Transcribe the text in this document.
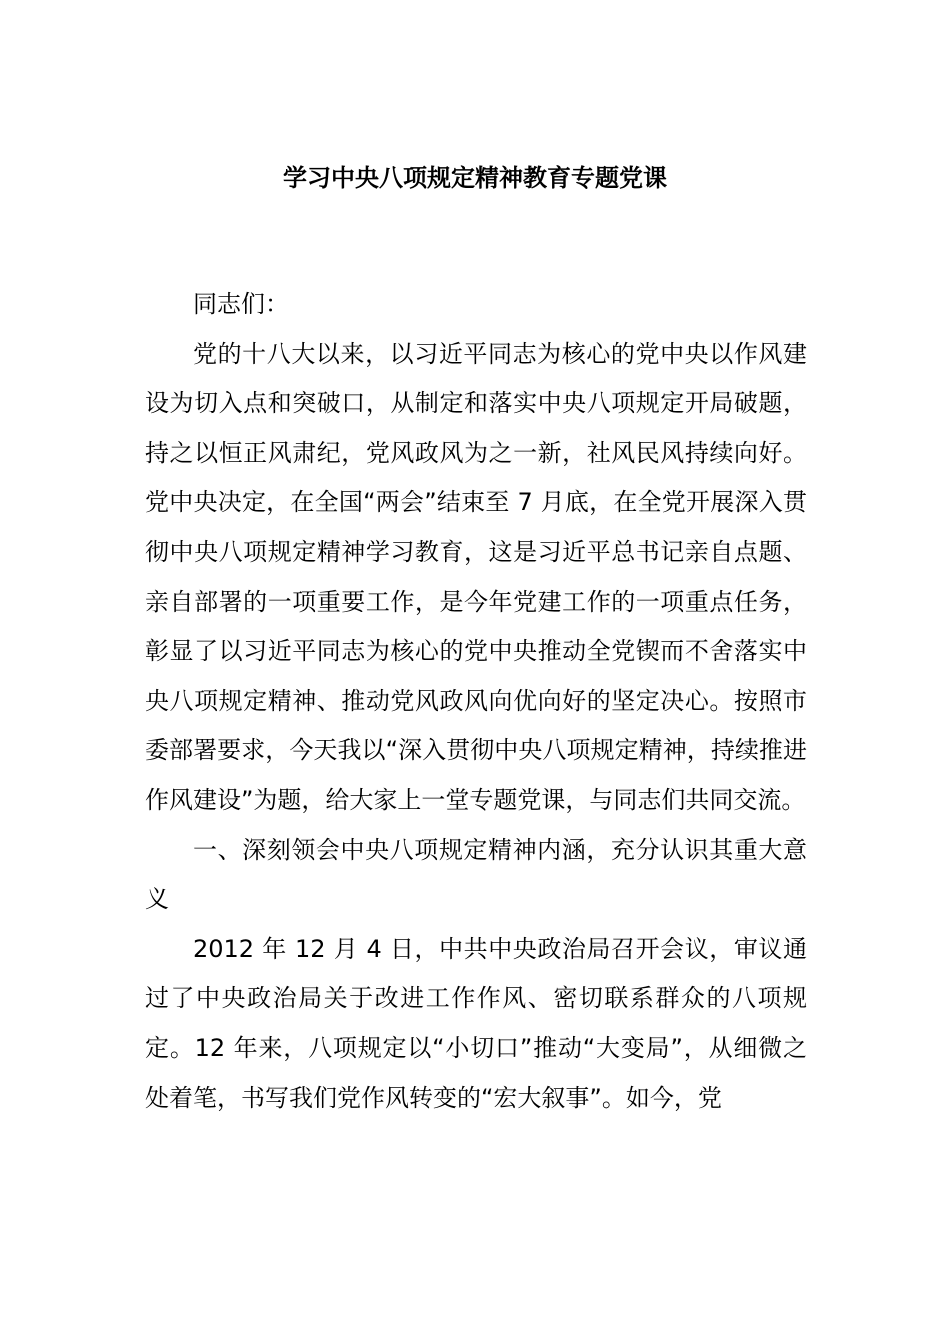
学习中央八项规定精神教育专题党课

同志们：

党的十八大以来，以习近平同志为核心的党中央以作风建设为切入点和突破口，从制定和落实中央八项规定开局破题，持之以恒正风肃纪，党风政风为之一新，社风民风持续向好。党中央决定，在全国“两会”结束至 7 月底，在全党开展深入贯彻中央八项规定精神学习教育，这是习近平总书记亲自点题、亲自部署的一项重要工作，是今年党建工作的一项重点任务，彰显了以习近平同志为核心的党中央推动全党锲而不舍落实中央八项规定精神、推动党风政风向优向好的坚定决心。按照市委部署要求，今天我以“深入贯彻中央八项规定精神，持续推进作风建设”为题，给大家上一堂专题党课，与同志们共同交流。

一、深刻领会中央八项规定精神内涵，充分认识其重大意义

2012 年 12 月 4 日，中共中央政治局召开会议，审议通过了中央政治局关于改进工作作风、密切联系群众的八项规定。12 年来，八项规定以“小切口”推动“大变局”，从细微之处着笔，书写我们党作风转变的“宏大叙事”。如今，党
